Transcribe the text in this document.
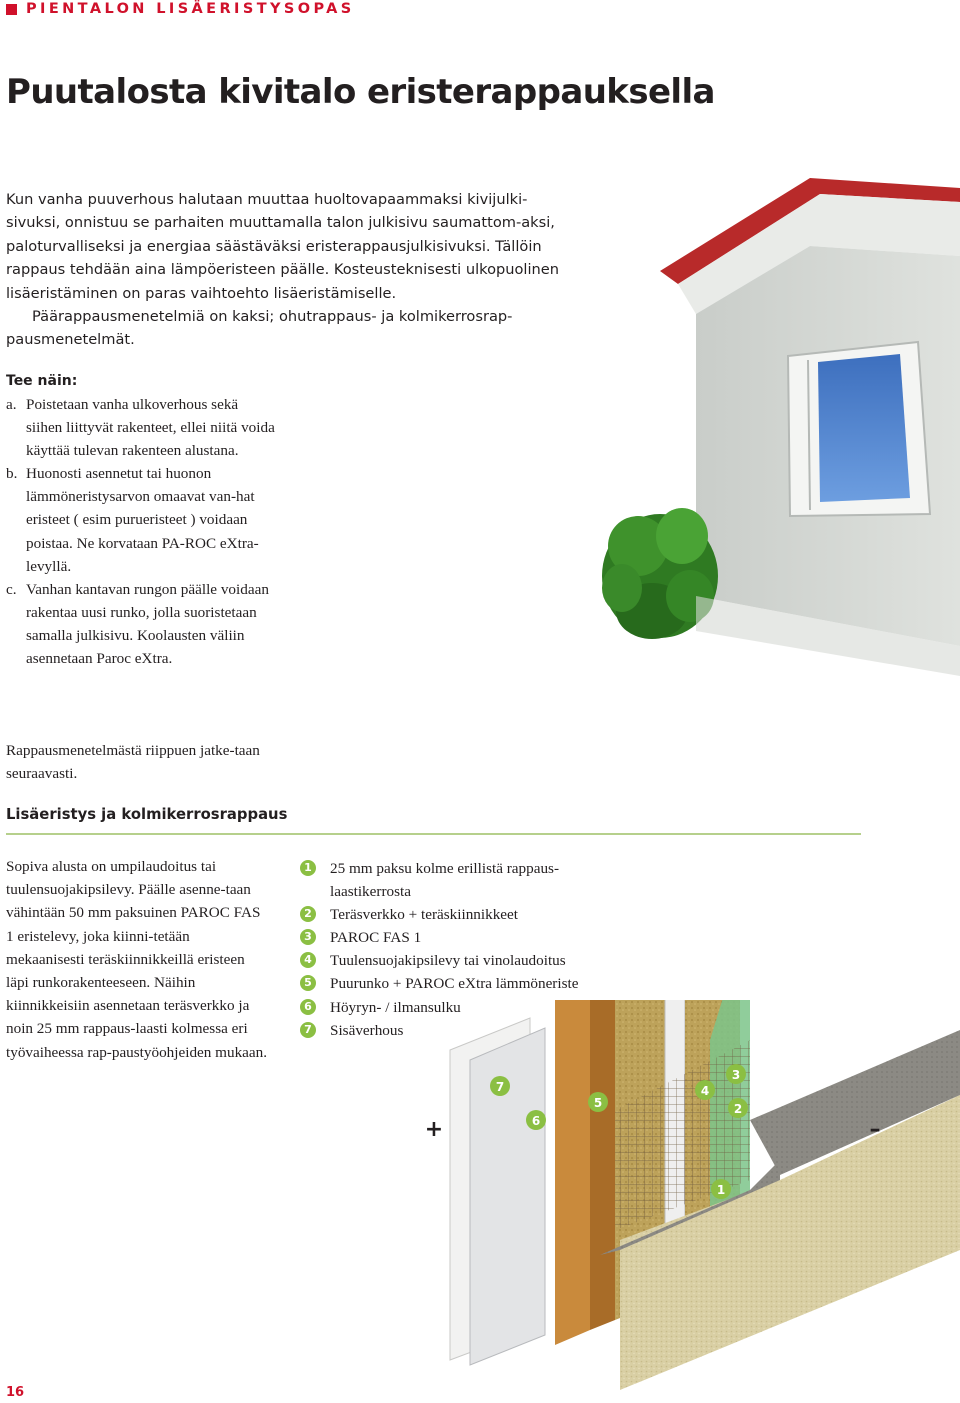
PIENTALON LISÄERISTYSOPAS
Puutalosta kivitalo eristerappauksella

Kun vanha puuverhous halutaan muuttaa huoltovapaammaksi kivijulki-sivuksi, onnistuu se parhaiten muuttamalla talon julkisivu saumattom-aksi, paloturvalliseksi ja energiaa säästäväksi eristerappausjulkisivuksi. Tällöin rappaus tehdään aina lämpöeristeen päälle. Kosteusteknisesti ulkopuolinen lisäeristäminen on paras vaihtoehto lisäeristämiselle.

Päärappausmenetelmiä on kaksi; ohutrappaus- ja kolmikerrosrap-pausmenetelmät.

Tee näin:
a. Poistetaan vanha ulkoverhous sekä siihen liittyvät rakenteet, ellei niitä voida käyttää tulevan rakenteen alustana.
b. Huonosti asennetut tai huonon lämmöneristysarvon omaavat van-hat eristeet ( esim purueristeet ) voidaan poistaa. Ne korvataan PA-ROC eXtra-levyllä.
c. Vanhan kantavan rungon päälle voidaan rakentaa uusi runko, jolla suoristetaan samalla julkisivu. Koolausten väliin asennetaan Paroc eXtra.
Rappausmenetelmästä riippuen jatke-taan seuraavasti.
Lisäeristys ja kolmikerrosrappaus
Sopiva alusta on umpilaudoitus tai tuulensuojakipsilevy. Päälle asenne-taan vähintään 50 mm paksuinen PAROC FAS 1 eristelevy, joka kiinni-tetään mekaanisesti teräskiinnikkeillä eristeen läpi runkorakenteeseen. Näihin kiinnikkeisiin asennetaan teräsverkko ja noin 25 mm rappaus-laasti kolmessa eri työvaiheessa rap-paustyöohjeiden mukaan.
1 25 mm paksu kolme erillistä rappaus-laastikerrosta
2 Teräsverkko + teräskiinnikkeet
3 PAROC FAS 1
4 Tuulensuojakipsilevy tai vinolaudoitus
5 Puurunko + PAROC eXtra lämmöneriste
6 Höyryn- / ilmansulku
7 Sisäverhous
7
6
5
4
3
2
1
+	–
16
